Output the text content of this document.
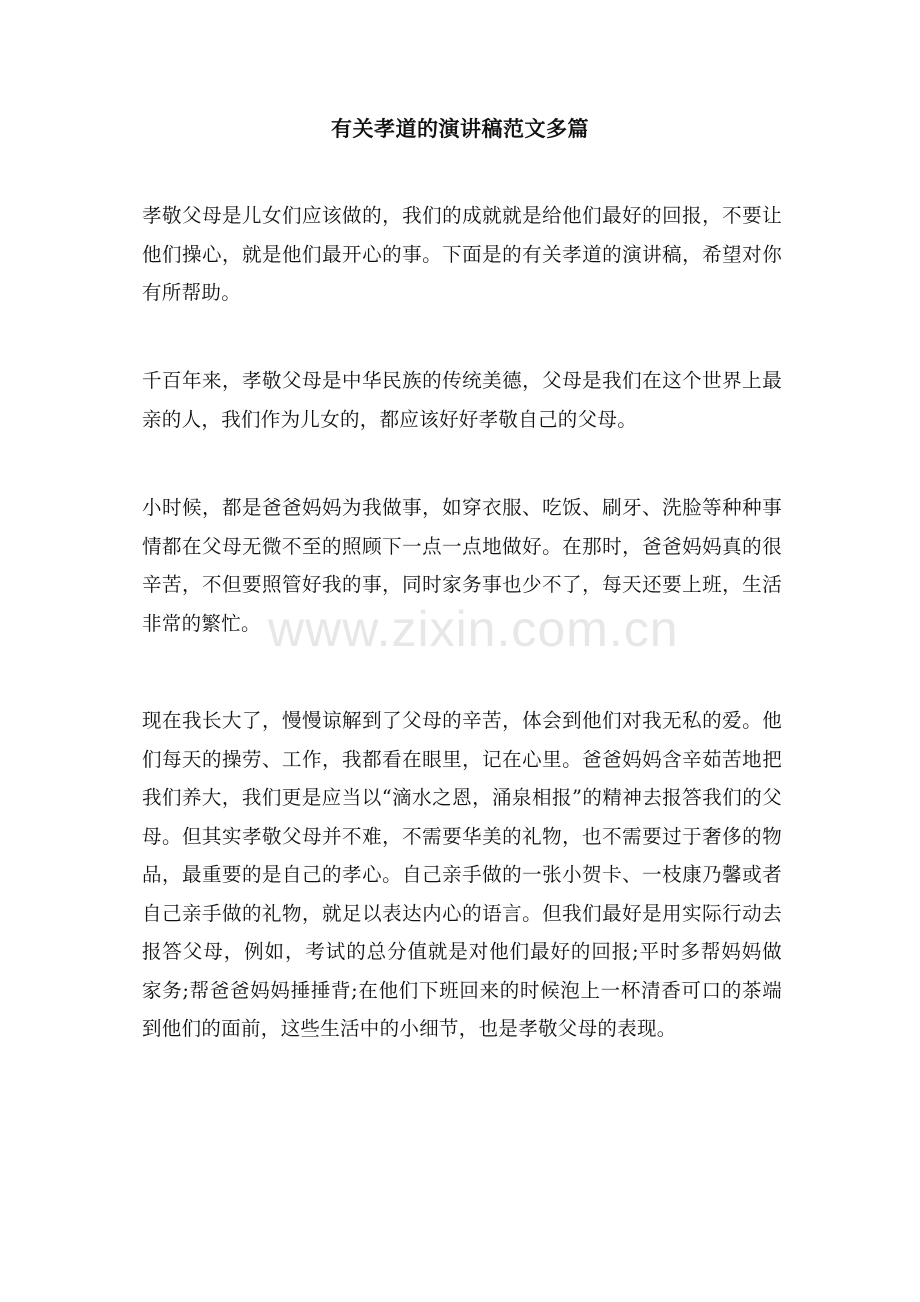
有关孝道的演讲稿范文多篇
孝敬父母是儿女们应该做的，我们的成就就是给他们最好的回报，不要让他们操心，就是他们最开心的事。下面是的有关孝道的演讲稿，希望对你有所帮助。
千百年来，孝敬父母是中华民族的传统美德，父母是我们在这个世界上最亲的人，我们作为儿女的，都应该好好孝敬自己的父母。
小时候，都是爸爸妈妈为我做事，如穿衣服、吃饭、刷牙、洗脸等种种事情都在父母无微不至的照顾下一点一点地做好。在那时，爸爸妈妈真的很辛苦，不但要照管好我的事，同时家务事也少不了，每天还要上班，生活非常的繁忙。
现在我长大了，慢慢谅解到了父母的辛苦，体会到他们对我无私的爱。他们每天的操劳、工作，我都看在眼里，记在心里。爸爸妈妈含辛茹苦地把我们养大，我们更是应当以“滴水之恩，涌泉相报”的精神去报答我们的父母。但其实孝敬父母并不难，不需要华美的礼物，也不需要过于奢侈的物品，最重要的是自己的孝心。自己亲手做的一张小贺卡、一枝康乃馨或者自己亲手做的礼物，就足以表达内心的语言。但我们最好是用实际行动去报答父母，例如，考试的总分值就是对他们最好的回报;平时多帮妈妈做家务;帮爸爸妈妈捶捶背;在他们下班回来的时候泡上一杯清香可口的茶端到他们的面前，这些生活中的小细节，也是孝敬父母的表现。
www.zixin.com.cn
